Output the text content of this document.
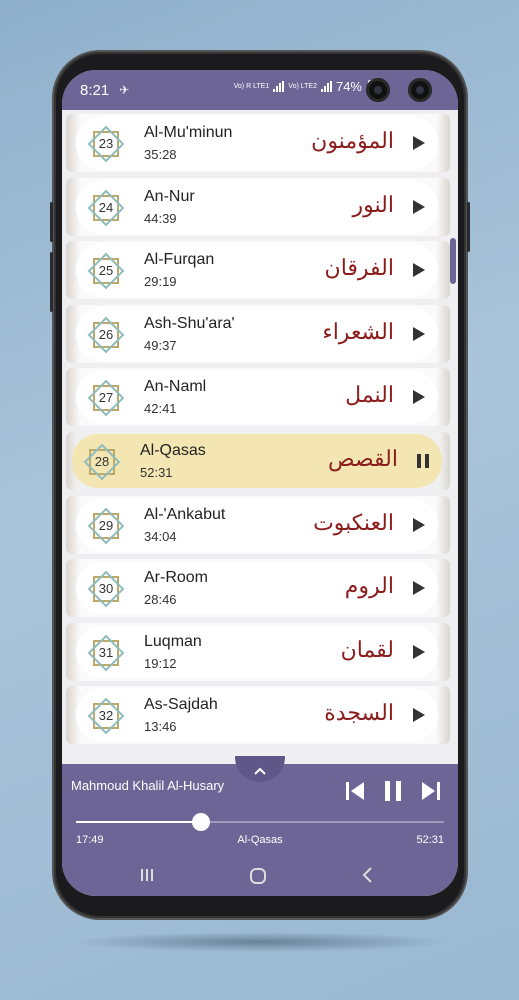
8:21 ✈	Vo) R LTE1	Vo) LTE2 74%
23
Al-Mu'minun
35:28
المؤمنون
24
An-Nur
44:39
النور
25
Al-Furqan
29:19
الفرقان
26
Ash-Shu'ara'
49:37
الشعراء
27
An-Naml
42:41
النمل
28
Al-Qasas
52:31
القصص
29
Al-'Ankabut
34:04
العنكبوت
30
Ar-Room
28:46
الروم
31
Luqman
19:12
لقمان
32
As-Sajdah
13:46
السجدة
Mahmoud Khalil Al-Husary
17:49	Al-Qasas	52:31
